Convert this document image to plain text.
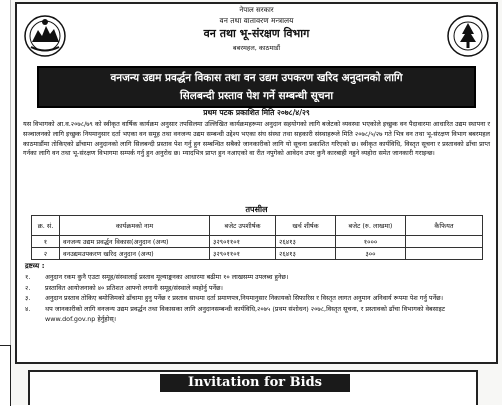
नेपाल सरकार
वन तथा वातावरण मन्त्रालय
वन तथा भू-संरक्षण विभाग
बबरमहल, काठमाडौं
वनजन्य उद्यम प्रवर्द्धन विकास तथा वन उद्यम उपकरण खरिद अनुदानको लागि
सिलबन्दी प्रस्ताव पेश गर्ने सम्बन्धी सूचना
प्रथम पटक प्रकाशित मिति २०७८/४/२९
यस विभागको आ.व.२०७८/७९ को स्वीकृत वार्षिक कार्यक्रम अनुसार तपसिलमा उल्लिखित कार्यक्रमहरूमा अनुदान सहयोगको लागि बजेटको व्यवस्था भएकोले इच्छुक वन पैदावारमा आधारित उद्यम स्थापना र सञ्चालनको लागि इच्छुक नियमानुसार दर्ता भएका वन समूह तथा वनजन्य उद्यम सम्बन्धी उद्देश्य भएका संघ संस्था तथा सहकारी संस्थाहरूले मिति २०७८/५/२७ गते भित्र वन तथा भू-संरक्षण विभाग बबरमहल काठमाडौंमा तोकिएको ढाँचामा अनुदानको लागि सिलबन्दी प्रस्ताव पेश गर्नु हुन सम्बन्धित सबैको जानकारीको लागि यो सूचना प्रकाशित गरिएको छ। स्वीकृत कार्यविधि, विस्तृत सूचना र प्रस्तावको ढाँचा प्राप्त गर्नका लागि वन तथा भू-संरक्षण विभागमा सम्पर्क गर्नु हुन अनुरोध छ। म्यादभित्र प्राप्त हुन नआएको वा रीत नपुगेको आवेदन उपर कुनै कारबाही नहुने व्यहोरा समेत जानकारी गराइन्छ।
तपसील
क्र. सं.	कार्यक्रमको नाम	बजेट उपशीर्षक	खर्च शीर्षक	बजेट (रु. लाखमा)	कैफियत
१	वनजन्य उद्यम प्रवर्द्धन विकास(अनुदान (अन्य)	३२९०११०१	२६४१३	१०००	
२	वनउद्यमउपकरण खरिद अनुदान (अन्य)	३२९०११०१	२६४१३	३००	
द्रष्टव्य :
१.	अनुदान रकम कुनै एउटा समूह/संस्थालाई प्रस्ताव मूल्याङ्कनका आधारमा बढीमा १० लाखसम्म उपलब्ध हुनेछ।
२.	प्रस्तावित आयोजनाको ४० प्रतिशत आफ्नो लगानी समूह/संस्थाले व्यहोर्नु पर्नेछ।
३.	अनुदान प्रस्ताव तोकिए बमोजिमको ढाँचामा हुनु पर्नेछ र प्रस्ताव साथमा दर्ता प्रमाणपत्र,नियमानुसार निकायको सिफारिस र विस्तृत लागत अनुमान अनिवार्य रूपमा पेश गर्नु पर्नेछ।
४.	थप जानकारीको लागि वनजन्य उद्यम प्रवर्द्धन तथा विकासका लागि अनुदानसम्बन्धी कार्यविधि,२०७५ (प्रथम संशोधन) २०७८,विस्तृत सूचना, र प्रस्तावको ढाँचा विभागको वेबसाइट www.dof.gov.np हेर्नुहोस्।
Invitation for Bids
